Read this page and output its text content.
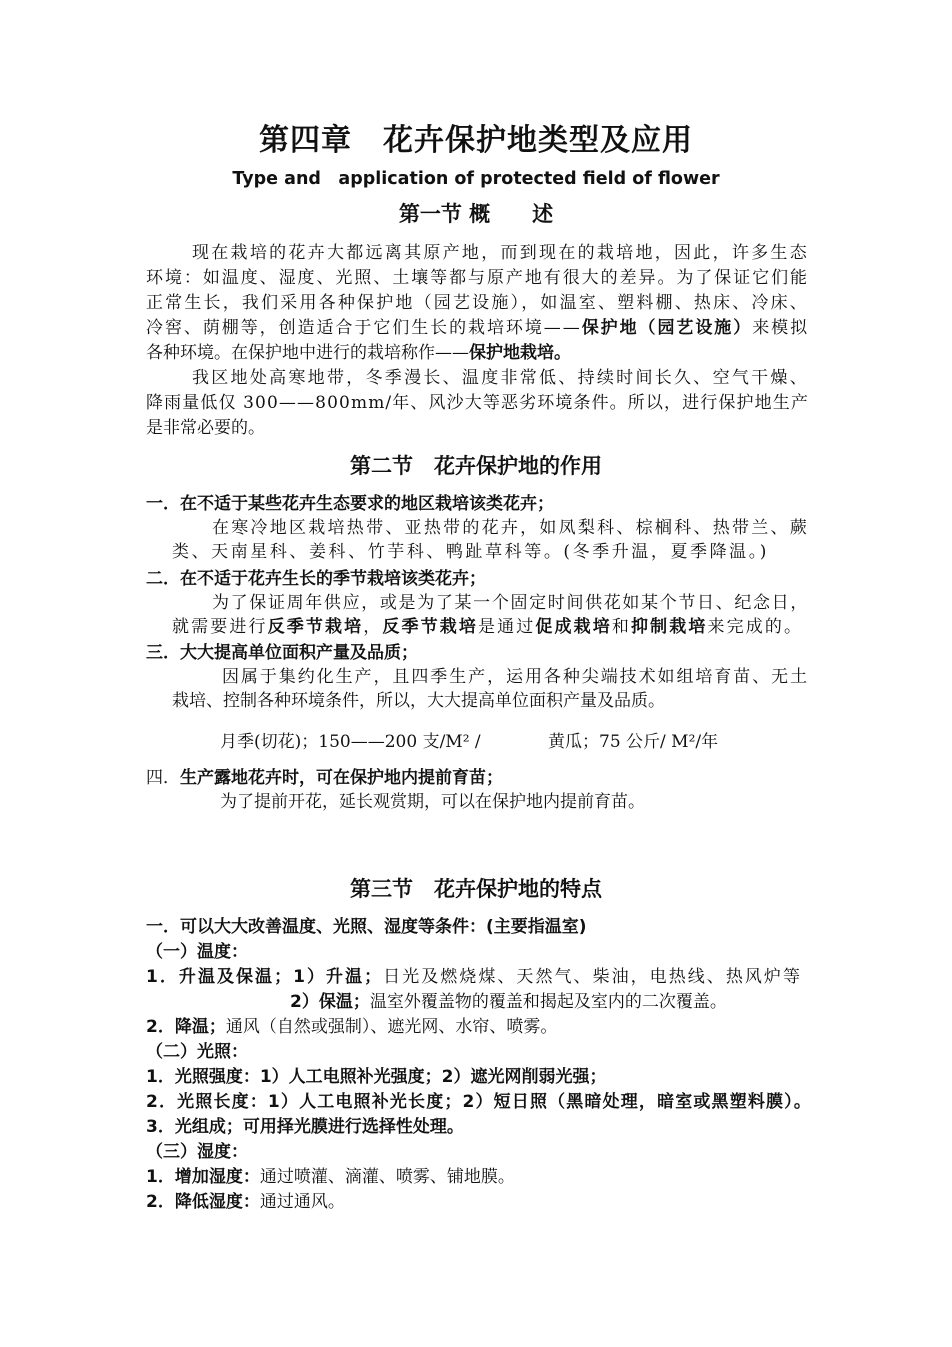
第四章　花卉保护地类型及应用
Type and　application of protected field of flower
第一节 概　　述
现在栽培的花卉大都远离其原产地，而到现在的栽培地，因此，许多生态
环境：如温度、湿度、光照、土壤等都与原产地有很大的差异。为了保证它们能
正常生长，我们采用各种保护地（园艺设施），如温室、塑料棚、热床、冷床、
冷窖、荫棚等，创造适合于它们生长的栽培环境——保护地（园艺设施）来模拟
各种环境。在保护地中进行的栽培称作——保护地栽培。
我区地处高寒地带，冬季漫长、温度非常低、持续时间长久、空气干燥、
降雨量低仅 300——800mm/年、风沙大等恶劣环境条件。所以，进行保护地生产
是非常必要的。
第二节　花卉保护地的作用
一．在不适于某些花卉生态要求的地区栽培该类花卉；
在寒冷地区栽培热带、亚热带的花卉，如凤梨科、棕榈科、热带兰、蕨
类、天南星科、姜科、竹芋科、鸭趾草科等。(冬季升温，夏季降温。)
二．在不适于花卉生长的季节栽培该类花卉；
为了保证周年供应，或是为了某一个固定时间供花如某个节日、纪念日，
就需要进行反季节栽培，反季节栽培是通过促成栽培和抑制栽培来完成的。
三．大大提高单位面积产量及品质；
因属于集约化生产，且四季生产，运用各种尖端技术如组培育苗、无土
栽培、控制各种环境条件，所以，大大提高单位面积产量及品质。
月季(切花)；150——200 支/M² /	黄瓜；75 公斤/ M²/年
四．生产露地花卉时，可在保护地内提前育苗；
为了提前开花，延长观赏期，可以在保护地内提前育苗。
第三节　花卉保护地的特点
一．可以大大改善温度、光照、湿度等条件：(主要指温室)
（一）温度：
1．升温及保温；1）升温；日光及燃烧煤、天然气、柴油，电热线、热风炉等
2）保温；温室外覆盖物的覆盖和揭起及室内的二次覆盖。
2．降温；通风（自然或强制）、遮光网、水帘、喷雾。
（二）光照：
1．光照强度：1）人工电照补光强度；2）遮光网削弱光强；
2．光照长度：1）人工电照补光长度；2）短日照（黑暗处理，暗室或黑塑料膜）。
3．光组成；可用择光膜进行选择性处理。
（三）湿度：
1．增加湿度：通过喷灌、滴灌、喷雾、铺地膜。
2．降低湿度：通过通风。
